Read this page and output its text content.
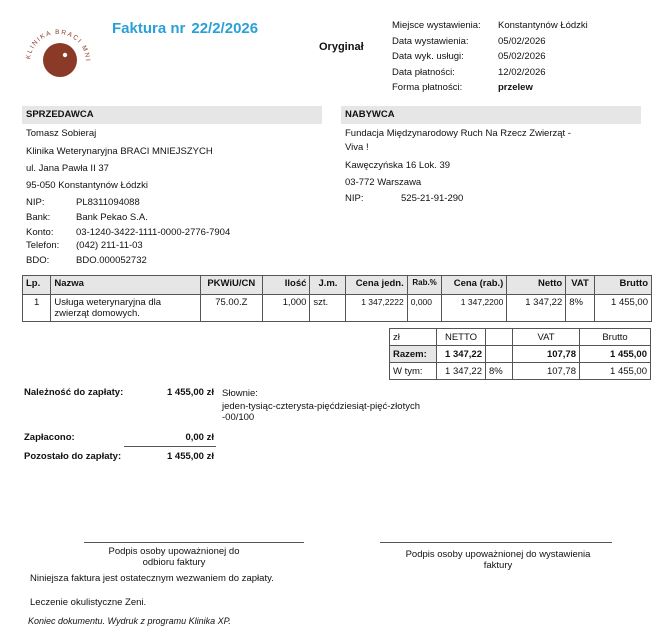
KLINIKA BRACI MNI
Faktura nr 22/2/2026
Oryginał
Miejsce wystawienia:	Konstantynów Łódzki
Data wystawienia:	05/02/2026
Data wyk. usługi:	05/02/2026
Data płatności:	12/02/2026
Forma płatności:	przelew
SPRZEDAWCA
Tomasz Sobieraj
Klinika Weterynaryjna BRACI MNIEJSZYCH
ul. Jana Pawła II 37
95-050 Konstantynów Łódzki
NIP:	PL8311094088
Bank:	Bank Pekao S.A.
Konto: 03-1240-3422-1111-0000-2776-7904
Telefon: (042) 211-11-03
BDO:	BDO.000052732
NABYWCA
Fundacja Międzynarodowy Ruch Na Rzecz Zwierząt -
Viva !
Kawęczyńska 16 Lok. 39
03-772 Warszawa
NIP:	525-21-91-290
Lp.	Nazwa	PKWiU/CN	Ilość	J.m.	Cena jedn.	Rab.%	Cena (rab.)	Netto	VAT	Brutto
1	Usługa weterynaryjna dla zwierząt domowych.	75.00.Z	1,000	szt.	1 347,2222	0,000	1 347,2200	1 347,22	8%	1 455,00
zł	NETTO		VAT	Brutto
Razem:	1 347,22		107,78	1 455,00
W tym:	1 347,22	8%	107,78	1 455,00
Należność do zapłaty:	1 455,00 zł Słownie:
jeden-tysiąc-czterysta-pięćdziesiąt-pięć-złotych
-00/100
Zapłacono:	0,00 zł
Pozostało do zapłaty:	1 455,00 zł
Podpis osoby upoważnionej do
odbioru faktury
Podpis osoby upoważnionej do wystawienia
faktury
Niniejsza faktura jest ostatecznym wezwaniem do zapłaty.
Leczenie okulistyczne Zeni.
Koniec dokumentu. Wydruk z programu Klinika XP.
